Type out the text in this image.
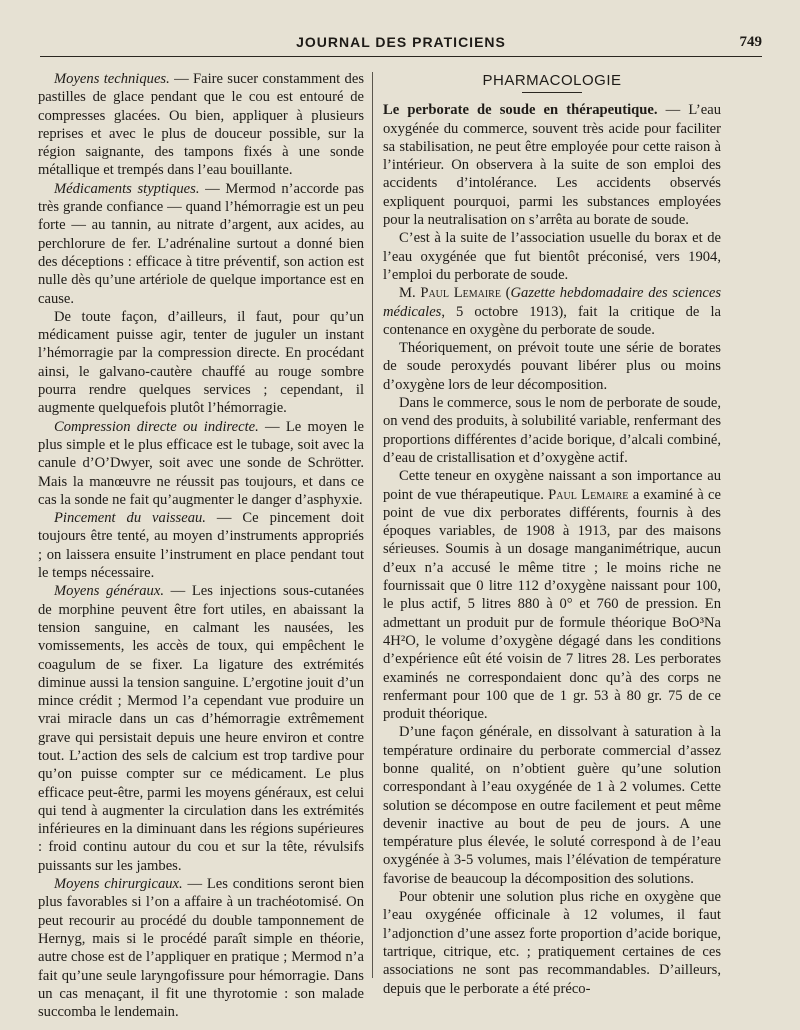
JOURNAL DES PRATICIENS	749

Moyens techniques. — Faire sucer constamment des pastilles de glace pendant que le cou est entouré de compresses glacées. Ou bien, appliquer à plusieurs reprises et avec le plus de douceur possible, sur la région saignante, des tampons fixés à une sonde métallique et trempés dans l’eau bouillante.

Médicaments styptiques. — Mermod n’accorde pas très grande confiance — quand l’hémorragie est un peu forte — au tannin, au nitrate d’argent, aux acides, au perchlorure de fer. L’adrénaline surtout a donné bien des déceptions : efficace à titre préventif, son action est nulle dès qu’une artériole de quelque importance est en cause.

De toute façon, d’ailleurs, il faut, pour qu’un médicament puisse agir, tenter de juguler un instant l’hémorragie par la compression directe. En procédant ainsi, le galvano-cautère chauffé au rouge sombre pourra rendre quelques services ; cependant, il augmente quelquefois plutôt l’hémorragie.

Compression directe ou indirecte. — Le moyen le plus simple et le plus efficace est le tubage, soit avec la canule d’O’Dwyer, soit avec une sonde de Schrötter. Mais la manœuvre ne réussit pas toujours, et dans ce cas la sonde ne fait qu’augmenter le danger d’asphyxie.

Pincement du vaisseau. — Ce pincement doit toujours être tenté, au moyen d’instruments appropriés ; on laissera ensuite l’instrument en place pendant tout le temps nécessaire.

Moyens généraux. — Les injections sous-cutanées de morphine peuvent être fort utiles, en abaissant la tension sanguine, en calmant les nausées, les vomissements, les accès de toux, qui empêchent le coagulum de se fixer. La ligature des extrémités diminue aussi la tension sanguine. L’ergotine jouit d’un mince crédit ; Mermod l’a cependant vue produire un vrai miracle dans un cas d’hémorragie extrêmement grave qui persistait depuis une heure environ et contre tout. L’action des sels de calcium est trop tardive pour qu’on puisse compter sur ce médicament. Le plus efficace peut-être, parmi les moyens généraux, est celui qui tend à augmenter la circulation dans les extrémités inférieures en la diminuant dans les régions supérieures : froid continu autour du cou et sur la tête, révulsifs puissants sur les jambes.

Moyens chirurgicaux. — Les conditions seront bien plus favorables si l’on a affaire à un trachéotomisé. On peut recourir au procédé du double tamponnement de Hernyg, mais si le procédé paraît simple en théorie, autre chose est de l’appliquer en pratique ; Mermod n’a fait qu’une seule laryngofissure pour hémorragie. Dans un cas menaçant, il fit une thyrotomie : son malade succomba le lendemain.

PHARMACOLOGIE

Le perborate de soude en thérapeutique. — L’eau oxygénée du commerce, souvent très acide pour faciliter sa stabilisation, ne peut être employée pour cette raison à l’intérieur. On observera à la suite de son emploi des accidents d’intolérance. Les accidents observés expliquent pourquoi, parmi les substances employées pour la neutralisation on s’arrêta au borate de soude.

C’est à la suite de l’association usuelle du borax et de l’eau oxygénée que fut bientôt préconisé, vers 1904, l’emploi du perborate de soude.

M. Paul Lemaire (Gazette hebdomadaire des sciences médicales, 5 octobre 1913), fait la critique de la contenance en oxygène du perborate de soude.

Théoriquement, on prévoit toute une série de borates de soude peroxydés pouvant libérer plus ou moins d’oxygène lors de leur décomposition.

Dans le commerce, sous le nom de perborate de soude, on vend des produits, à solubilité variable, renfermant des proportions différentes d’acide borique, d’alcali combiné, d’eau de cristallisation et d’oxygène actif.

Cette teneur en oxygène naissant a son importance au point de vue thérapeutique. Paul Lemaire a examiné à ce point de vue dix perborates différents, fournis à des époques variables, de 1908 à 1913, par des maisons sérieuses. Soumis à un dosage manganimétrique, aucun d’eux n’a accusé le même titre ; le moins riche ne fournissait que 0 litre 112 d’oxygène naissant pour 100, le plus actif, 5 litres 880 à 0° et 760 de pression. En admettant un produit pur de formule théorique BoO³Na 4H²O, le volume d’oxygène dégagé dans les conditions d’expérience eût été voisin de 7 litres 28. Les perborates examinés ne correspondaient donc qu’à des corps ne renfermant pour 100 que de 1 gr. 53 à 80 gr. 75 de ce produit théorique.

D’une façon générale, en dissolvant à saturation à la température ordinaire du perborate commercial d’assez bonne qualité, on n’obtient guère qu’une solution correspondant à l’eau oxygénée de 1 à 2 volumes. Cette solution se décompose en outre facilement et peut même devenir inactive au bout de peu de jours. A une température plus élevée, le soluté correspond à de l’eau oxygénée à 3-5 volumes, mais l’élévation de température favorise de beaucoup la décomposition des solutions.

Pour obtenir une solution plus riche en oxygène que l’eau oxygénée officinale à 12 volumes, il faut l’adjonction d’une assez forte proportion d’acide borique, tartrique, citrique, etc. ; pratiquement certaines de ces associations ne sont pas recommandables. D’ailleurs, depuis que le perborate a été préco-
